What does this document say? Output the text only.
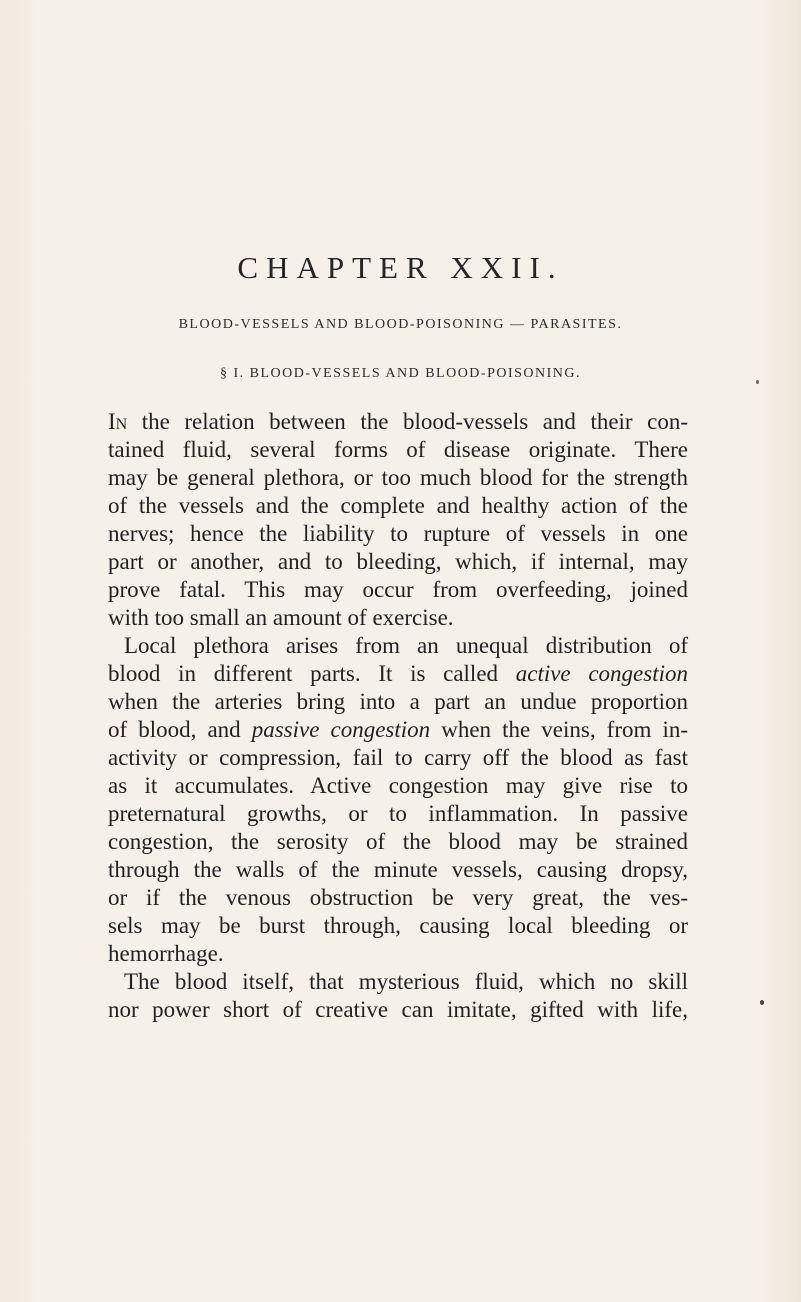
CHAPTER XXII.
BLOOD-VESSELS AND BLOOD-POISONING — PARASITES.
§ I. BLOOD-VESSELS AND BLOOD-POISONING.
In the relation between the blood-vessels and their con-
tained fluid, several forms of disease originate. There
may be general plethora, or too much blood for the strength
of the vessels and the complete and healthy action of the
nerves; hence the liability to rupture of vessels in one
part or another, and to bleeding, which, if internal, may
prove fatal. This may occur from overfeeding, joined
with too small an amount of exercise.
Local plethora arises from an unequal distribution of
blood in different parts. It is called active congestion
when the arteries bring into a part an undue proportion
of blood, and passive congestion when the veins, from in-
activity or compression, fail to carry off the blood as fast
as it accumulates. Active congestion may give rise to
preternatural growths, or to inflammation. In passive
congestion, the serosity of the blood may be strained
through the walls of the minute vessels, causing dropsy,
or if the venous obstruction be very great, the ves-
sels may be burst through, causing local bleeding or
hemorrhage.
The blood itself, that mysterious fluid, which no skill
nor power short of creative can imitate, gifted with life,
